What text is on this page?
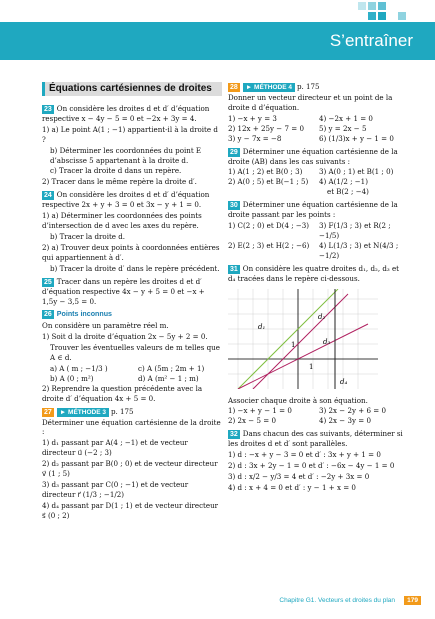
S’entraîner
Équations cartésiennes de droites

23 On considère les droites d et d′ d’équation respective x − 4y − 5 = 0 et −2x + 3y = 4.

1) a) Le point A(1 ; −1) appartient-il à la droite d ?

b) Déterminer les coordonnées du point E d’abscisse 5 appartenant à la droite d.

c) Tracer la droite d dans un repère.

2) Tracer dans le même repère la droite d′.

24 On considère les droites d et d′ d’équation respective 2x + y + 3 = 0 et 3x − y + 1 = 0.

1) a) Déterminer les coordonnées des points d’intersection de d avec les axes du repère.

b) Tracer la droite d.

2) a) Trouver deux points à coordonnées entières qui appartiennent à d′.

b) Tracer la droite d′ dans le repère précédent.

25 Tracer dans un repère les droites d et d′ d’équation respective 4x − y + 5 = 0 et −x + 1,5y − 3,5 = 0.

26 Points inconnus

On considère un paramètre réel m.

1) Soit d la droite d’équation 2x − 5y + 2 = 0.

Trouver les éventuelles valeurs de m telles que A ∈ d.

a) A ( m ; −1/3 )	c) A (5m ; 2m + 1)
b) A (0 ; m²)	d) A (m² − 1 ; m)

2) Reprendre la question précédente avec la droite d′ d’équation 4x + 5 = 0.

27 ► MÉTHODE 3 p. 175

Déterminer une équation cartésienne de la droite :

1) d₁ passant par A(4 ; −1) et de vecteur directeur u⃗ (−2 ; 3)

2) d₂ passant par B(0 ; 0) et de vecteur directeur v⃗ (1 ; 5)

3) d₃ passant par C(0 ; −1) et de vecteur directeur r⃗ (1/3 ; −1/2)

4) d₄ passant par D(1 ; 1) et de vecteur directeur s⃗ (0 ; 2)

28 ► MÉTHODE 4 p. 175

Donner un vecteur directeur et un point de la droite d d’équation.

1) −x + y = 3	4) −2x + 1 = 0
2) 12x + 25y − 7 = 0	5) y = 2x − 5
3) y − 7x = −8	6) (1/3)x + y − 1 = 0

29 Déterminer une équation cartésienne de la droite (AB) dans les cas suivants :

1) A(1 ; 2) et B(0 ; 3)	3) A(0 ; 1) et B(1 ; 0)
2) A(0 ; 5) et B(−1 ; 5)	4) A(1/2 ; −1)
et B(2 ; −4)

30 Déterminer une équation cartésienne de la droite passant par les points :

1) C(2 ; 0) et D(4 ; −3)	3) F(1/3 ; 3) et R(2 ; −1/5)
2) E(2 ; 3) et H(2 ; −6)	4) L(1/3 ; 3) et N(4/3 ; −1/2)

31 On considère les quatre droites d₁, d₂, d₃ et d₄ tracées dans le repère ci-dessous.

d₁
d₂
d₃
d₄
1
1

Associer chaque droite à son équation.

1) −x + y − 1 = 0	3) 2x − 2y + 6 = 0
2) 2x − 5 = 0	4) 2x − 3y = 0

32 Dans chacun des cas suivants, déterminer si les droites d et d′ sont parallèles.

1) d : −x + y − 3 = 0 et d′ : 3x + y + 1 = 0

2) d : 3x + 2y − 1 = 0 et d′ : −6x − 4y − 1 = 0

3) d : x/2 − y/3 = 4 et d′ : −2y + 3x = 0

4) d : x + 4 = 0 et d′ : y − 1 + x = 0

Chapitre G1. Vecteurs et droites du plan	179
